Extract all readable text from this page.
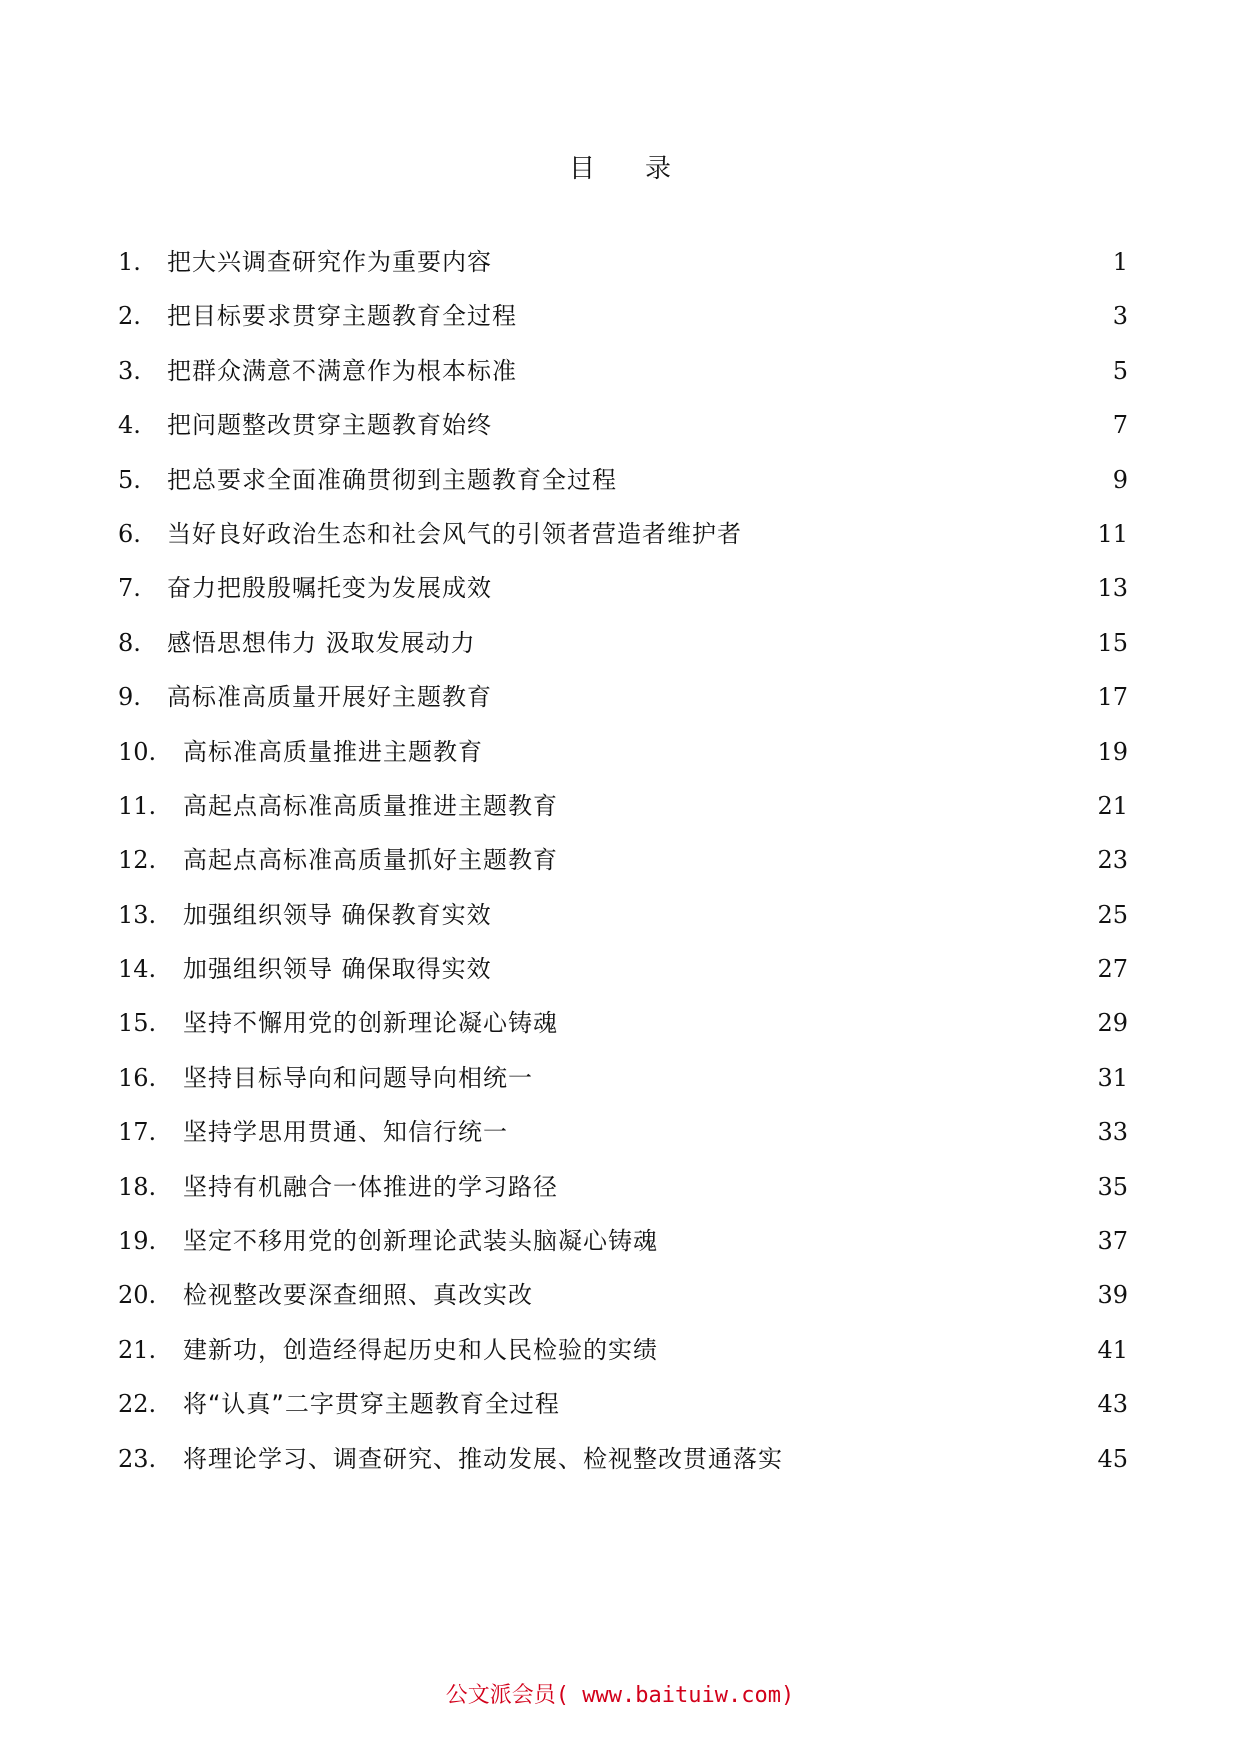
目录
1. 把大兴调查研究作为重要内容	1
2. 把目标要求贯穿主题教育全过程	3
3. 把群众满意不满意作为根本标准	5
4. 把问题整改贯穿主题教育始终	7
5. 把总要求全面准确贯彻到主题教育全过程	9
6. 当好良好政治生态和社会风气的引领者营造者维护者	11
7. 奋力把殷殷嘱托变为发展成效	13
8. 感悟思想伟力 汲取发展动力	15
9. 高标准高质量开展好主题教育	17
10. 高标准高质量推进主题教育	19
11. 高起点高标准高质量推进主题教育	21
12. 高起点高标准高质量抓好主题教育	23
13. 加强组织领导 确保教育实效	25
14. 加强组织领导 确保取得实效	27
15. 坚持不懈用党的创新理论凝心铸魂	29
16. 坚持目标导向和问题导向相统一	31
17. 坚持学思用贯通、知信行统一	33
18. 坚持有机融合一体推进的学习路径	35
19. 坚定不移用党的创新理论武装头脑凝心铸魂	37
20. 检视整改要深查细照、真改实改	39
21. 建新功，创造经得起历史和人民检验的实绩	41
22. 将“认真”二字贯穿主题教育全过程	43
23. 将理论学习、调查研究、推动发展、检视整改贯通落实	45
公文派会员( www.baituiw.com)
